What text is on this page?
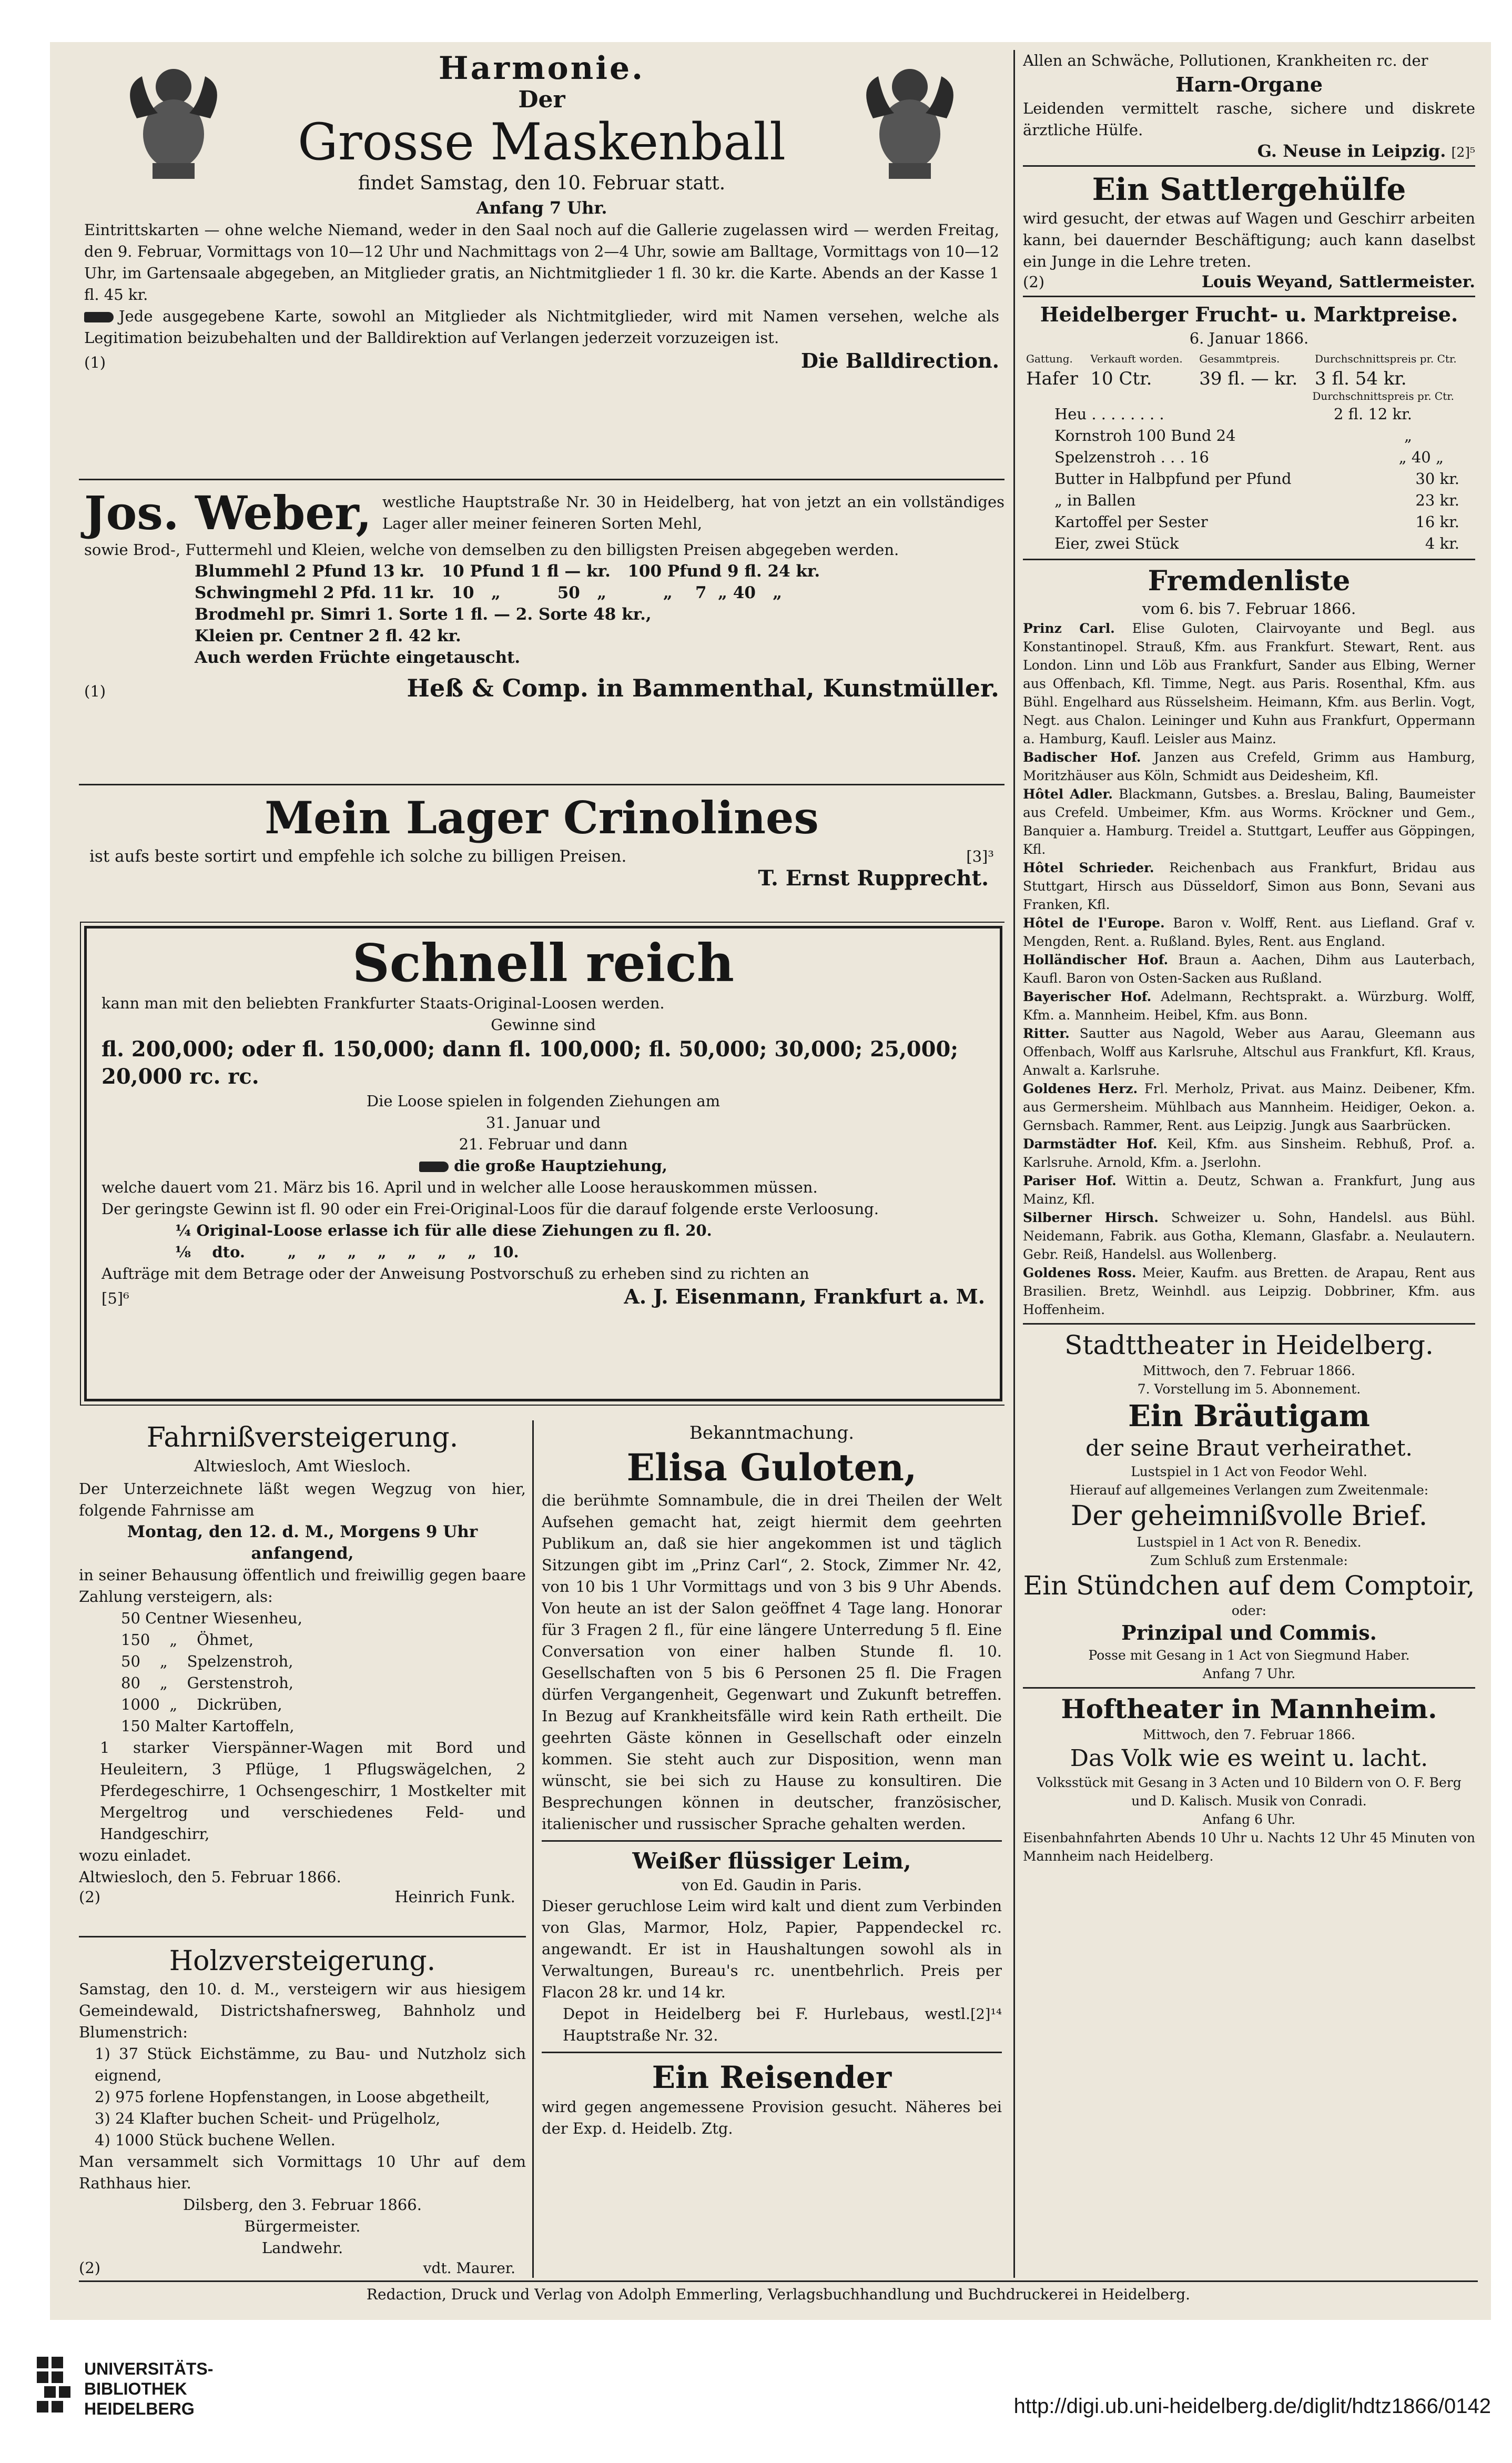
Harmonie.
Der
Grosse Maskenball
findet Samstag, den 10. Februar statt.
Anfang 7 Uhr.

Eintrittskarten — ohne welche Niemand, weder in den Saal noch auf die Gallerie zugelassen wird — werden Freitag, den 9. Februar, Vormittags von 10—12 Uhr und Nachmittags von 2—4 Uhr, sowie am Balltage, Vormittags von 10—12 Uhr, im Gartensaale abgegeben, an Mitglieder gratis, an Nichtmitglieder 1 fl. 30 kr. die Karte. Abends an der Kasse 1 fl. 45 kr.

Jede ausgegebene Karte, sowohl an Mitglieder als Nichtmitglieder, wird mit Namen versehen, welche als Legitimation beizubehalten und der Balldirektion auf Verlangen jederzeit vorzuzeigen ist.

(1)	Die Balldirection.
Jos. Weber, westliche Hauptstraße Nr. 30 in Heidelberg, hat von jetzt an ein vollständiges Lager aller meiner feineren Sorten Mehl,

sowie Brod-, Futtermehl und Kleien, welche von demselben zu den billigsten Preisen abgegeben werden.

Blummehl 2 Pfund 13 kr.   10 Pfund 1 fl — kr.   100 Pfund 9 fl. 24 kr.
Schwingmehl 2 Pfd. 11 kr.   10   „          50   „          „    7  „ 40   „
Brodmehl pr. Simri 1. Sorte 1 fl. — 2. Sorte 48 kr.,
Kleien pr. Centner 2 fl. 42 kr.
Auch werden Früchte eingetauscht.
(1)	Heß & Comp. in Bammenthal, Kunstmüller.
Mein Lager Crinolines
ist aufs beste sortirt und empfehle ich solche zu billigen Preisen.	[3]³
T. Ernst Rupprecht.
Schnell reich

kann man mit den beliebten Frankfurter Staats-Original-Loosen werden.

Gewinne sind

fl. 200,000; oder fl. 150,000; dann fl. 100,000; fl. 50,000; 30,000; 25,000; 20,000 rc. rc.

Die Loose spielen in folgenden Ziehungen am
31. Januar und
21. Februar und dann
die große Hauptziehung,

welche dauert vom 21. März bis 16. April und in welcher alle Loose herauskommen müssen.

Der geringste Gewinn ist fl. 90 oder ein Frei-Original-Loos für die darauf folgende erste Verloosung.

¼ Original-Loose erlasse ich für alle diese Ziehungen zu fl. 20.
⅛    dto.        „    „    „    „    „    „    „   10.

Aufträge mit dem Betrage oder der Anweisung Postvorschuß zu erheben sind zu richten an

[5]⁶	A. J. Eisenmann, Frankfurt a. M.
Fahrnißversteigerung.
Altwiesloch, Amt Wiesloch.

Der Unterzeichnete läßt wegen Wegzug von hier, folgende Fahrnisse am

Montag, den 12. d. M., Morgens 9 Uhr anfangend,

in seiner Behausung öffentlich und freiwillig gegen baare Zahlung versteigern, als:

50 Centner Wiesenheu,
150    „    Öhmet,
50    „    Spelzenstroh,
80    „    Gerstenstroh,
1000  „    Dickrüben,
150 Malter Kartoffeln,

1 starker Vierspänner-Wagen mit Bord und Heuleitern, 3 Pflüge, 1 Pflugswägelchen, 2 Pferdegeschirre, 1 Ochsengeschirr, 1 Mostkelter mit Mergeltrog und verschiedenes Feld- und Handgeschirr,

wozu einladet.
Altwiesloch, den 5. Februar 1866.
(2)	Heinrich Funk.
Holzversteigerung.

Samstag, den 10. d. M., versteigern wir aus hiesigem Gemeindewald, Districtshafnersweg, Bahnholz und Blumenstrich:

1) 37 Stück Eichstämme, zu Bau- und Nutzholz sich eignend,

2) 975 forlene Hopfenstangen, in Loose abgetheilt,

3) 24 Klafter buchen Scheit- und Prügelholz,

4) 1000 Stück buchene Wellen.

Man versammelt sich Vormittags 10 Uhr auf dem Rathhaus hier.

Dilsberg, den 3. Februar 1866.
Bürgermeister.
Landwehr.
(2)	vdt. Maurer.
Bekanntmachung.
Elisa Guloten,

die berühmte Somnambule, die in drei Theilen der Welt Aufsehen gemacht hat, zeigt hiermit dem geehrten Publikum an, daß sie hier angekommen ist und täglich Sitzungen gibt im „Prinz Carl“, 2. Stock, Zimmer Nr. 42, von 10 bis 1 Uhr Vormittags und von 3 bis 9 Uhr Abends. Von heute an ist der Salon geöffnet 4 Tage lang. Honorar für 3 Fragen 2 fl., für eine längere Unterredung 5 fl. Eine Conversation von einer halben Stunde fl. 10. Gesellschaften von 5 bis 6 Personen 25 fl. Die Fragen dürfen Vergangenheit, Gegenwart und Zukunft betreffen. In Bezug auf Krankheitsfälle wird kein Rath ertheilt. Die geehrten Gäste können in Gesellschaft oder einzeln kommen. Sie steht auch zur Disposition, wenn man wünscht, sie bei sich zu Hause zu konsultiren. Die Besprechungen können in deutscher, französischer, italienischer und russischer Sprache gehalten werden.

Weißer flüssiger Leim,
von Ed. Gaudin in Paris.

Dieser geruchlose Leim wird kalt und dient zum Verbinden von Glas, Marmor, Holz, Papier, Pappendeckel rc. angewandt. Er ist in Haushaltungen sowohl als in Verwaltungen, Bureau's rc. unentbehrlich. Preis per Flacon 28 kr. und 14 kr.

Depot in Heidelberg bei F. Hurlebaus, westl. Hauptstraße Nr. 32.
[2]¹⁴
Ein Reisender

wird gegen angemessene Provision gesucht. Näheres bei der Exp. d. Heidelb. Ztg.

Allen an Schwäche, Pollutionen, Krankheiten rc. der

Harn-Organe

Leidenden vermittelt rasche, sichere und diskrete ärztliche Hülfe.

G. Neuse in Leipzig. [2]⁵
Ein Sattlergehülfe

wird gesucht, der etwas auf Wagen und Geschirr arbeiten kann, bei dauernder Beschäftigung; auch kann daselbst ein Junge in die Lehre treten.

(2)	Louis Weyand, Sattlermeister.
Heidelberger Frucht- u. Marktpreise.
6. Januar 1866.
Gattung.	Verkauft worden.	Gesammtpreis.	Durchschnittspreis pr. Ctr.
Hafer	10 Ctr.	39 fl. — kr.	3 fl. 54 kr.
Durchschnittspreis pr. Ctr.
Heu . . . . . . . .	2 fl. 12 kr.
Kornstroh 100 Bund 24	„
Spelzenstroh . . . 16	„ 40 „
Butter in Halbpfund per Pfund	30 kr.
„ in Ballen	23 kr.
Kartoffel per Sester	16 kr.
Eier, zwei Stück	4 kr.
Fremdenliste
vom 6. bis 7. Februar 1866.

Prinz Carl. Elise Guloten, Clairvoyante und Begl. aus Konstantinopel. Strauß, Kfm. aus Frankfurt. Stewart, Rent. aus London. Linn und Löb aus Frankfurt, Sander aus Elbing, Werner aus Offenbach, Kfl. Timme, Negt. aus Paris. Rosenthal, Kfm. aus Bühl. Engelhard aus Rüsselsheim. Heimann, Kfm. aus Berlin. Vogt, Negt. aus Chalon. Leininger und Kuhn aus Frankfurt, Oppermann a. Hamburg, Kaufl. Leisler aus Mainz.

Badischer Hof. Janzen aus Crefeld, Grimm aus Hamburg, Moritzhäuser aus Köln, Schmidt aus Deidesheim, Kfl.

Hôtel Adler. Blackmann, Gutsbes. a. Breslau, Baling, Baumeister aus Crefeld. Umbeimer, Kfm. aus Worms. Kröckner und Gem., Banquier a. Hamburg. Treidel a. Stuttgart, Leuffer aus Göppingen, Kfl.

Hôtel Schrieder. Reichenbach aus Frankfurt, Bridau aus Stuttgart, Hirsch aus Düsseldorf, Simon aus Bonn, Sevani aus Franken, Kfl.

Hôtel de l'Europe. Baron v. Wolff, Rent. aus Liefland. Graf v. Mengden, Rent. a. Rußland. Byles, Rent. aus England.

Holländischer Hof. Braun a. Aachen, Dihm aus Lauterbach, Kaufl. Baron von Osten-Sacken aus Rußland.

Bayerischer Hof. Adelmann, Rechtsprakt. a. Würzburg. Wolff, Kfm. a. Mannheim. Heibel, Kfm. aus Bonn.

Ritter. Sautter aus Nagold, Weber aus Aarau, Gleemann aus Offenbach, Wolff aus Karlsruhe, Altschul aus Frankfurt, Kfl. Kraus, Anwalt a. Karlsruhe.

Goldenes Herz. Frl. Merholz, Privat. aus Mainz. Deibener, Kfm. aus Germersheim. Mühlbach aus Mannheim. Heidiger, Oekon. a. Gernsbach. Rammer, Rent. aus Leipzig. Jungk aus Saarbrücken.

Darmstädter Hof. Keil, Kfm. aus Sinsheim. Rebhuß, Prof. a. Karlsruhe. Arnold, Kfm. a. Jserlohn.

Pariser Hof. Wittin a. Deutz, Schwan a. Frankfurt, Jung aus Mainz, Kfl.

Silberner Hirsch. Schweizer u. Sohn, Handelsl. aus Bühl. Neidemann, Fabrik. aus Gotha, Klemann, Glasfabr. a. Neulautern. Gebr. Reiß, Handelsl. aus Wollenberg.

Goldenes Ross. Meier, Kaufm. aus Bretten. de Arapau, Rent aus Brasilien. Bretz, Weinhdl. aus Leipzig. Dobbriner, Kfm. aus Hoffenheim.

Stadttheater in Heidelberg.
Mittwoch, den 7. Februar 1866.
7. Vorstellung im 5. Abonnement.
Ein Bräutigam
der seine Braut verheirathet.
Lustspiel in 1 Act von Feodor Wehl.
Hierauf auf allgemeines Verlangen zum Zweitenmale:
Der geheimnißvolle Brief.
Lustspiel in 1 Act von R. Benedix.
Zum Schluß zum Erstenmale:
Ein Stündchen auf dem Comptoir,
oder:
Prinzipal und Commis.
Posse mit Gesang in 1 Act von Siegmund Haber.
Anfang 7 Uhr.
Hoftheater in Mannheim.
Mittwoch, den 7. Februar 1866.
Das Volk wie es weint u. lacht.

Volksstück mit Gesang in 3 Acten und 10 Bildern von O. F. Berg und D. Kalisch. Musik von Conradi.

Anfang 6 Uhr.

Eisenbahnfahrten Abends 10 Uhr u. Nachts 12 Uhr 45 Minuten von Mannheim nach Heidelberg.

Redaction, Druck und Verlag von Adolph Emmerling, Verlagsbuchhandlung und Buchdruckerei in Heidelberg.
UNIVERSITÄTS-
BIBLIOTHEK
HEIDELBERG	http://digi.ub.uni-heidelberg.de/diglit/hdtz1866/0142
